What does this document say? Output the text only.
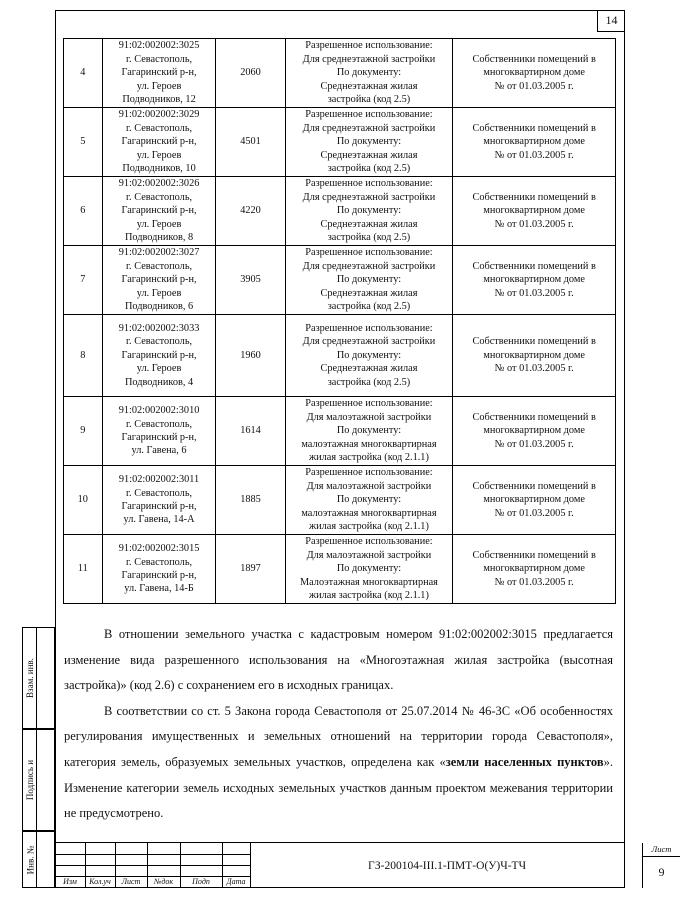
14
4	91:02:002002:3025
г. Севастополь,
Гагаринский р-н,
ул. Героев
Подводников, 12	2060	Разрешенное использование:
Для среднеэтажной застройки
По документу:
Среднеэтажная жилая
застройка (код 2.5)	Собственники помещений в
многоквартирном доме
№ от 01.03.2005 г.

5	91:02:002002:3029
г. Севастополь,
Гагаринский р-н,
ул. Героев
Подводников, 10	4501	Разрешенное использование:
Для среднеэтажной застройки
По документу:
Среднеэтажная жилая
застройка (код 2.5)	Собственники помещений в
многоквартирном доме
№ от 01.03.2005 г.

6	91:02:002002:3026
г. Севастополь,
Гагаринский р-н,
ул. Героев
Подводников, 8	4220	Разрешенное использование:
Для среднеэтажной застройки
По документу:
Среднеэтажная жилая
застройка (код 2.5)	Собственники помещений в
многоквартирном доме
№ от 01.03.2005 г.

7	91:02:002002:3027
г. Севастополь,
Гагаринский р-н,
ул. Героев
Подводников, 6	3905	Разрешенное использование:
Для среднеэтажной застройки
По документу:
Среднеэтажная жилая
застройка (код 2.5)	Собственники помещений в
многоквартирном доме
№ от 01.03.2005 г.

8	91:02:002002:3033
г. Севастополь,
Гагаринский р-н,
ул. Героев
Подводников, 4	1960	Разрешенное использование:
Для среднеэтажной застройки
По документу:
Среднеэтажная жилая
застройка (код 2.5)	Собственники помещений в
многоквартирном доме
№ от 01.03.2005 г.

9	91:02:002002:3010
г. Севастополь,
Гагаринский р-н,
ул. Гавена, 6	1614	Разрешенное использование:
Для малоэтажной застройки
По документу:
малоэтажная многоквартирная
жилая застройка (код 2.1.1)	Собственники помещений в
многоквартирном доме
№ от 01.03.2005 г.

10	91:02:002002:3011
г. Севастополь,
Гагаринский р-н,
ул. Гавена, 14-А	1885	Разрешенное использование:
Для малоэтажной застройки
По документу:
малоэтажная многоквартирная
жилая застройка (код 2.1.1)	Собственники помещений в
многоквартирном доме
№ от 01.03.2005 г.

11	91:02:002002:3015
г. Севастополь,
Гагаринский р-н,
ул. Гавена, 14-Б	1897	Разрешенное использование:
Для малоэтажной застройки
По документу:
Малоэтажная многоквартирная
жилая застройка (код 2.1.1)	Собственники помещений в
многоквартирном доме
№ от 01.03.2005 г.

В отношении земельного участка с кадастровым номером 91:02:002002:3015 предлагается изменение вида разрешенного использования на «Многоэтажная жилая застройка (высотная застройка)» (код 2.6) с сохранением его в исходных границах.

В соответствии со ст. 5 Закона города Севастополя от 25.07.2014 № 46-ЗС «Об особенностях регулирования имущественных и земельных отношений на территории города Севастополя», категория земель, образуемых земельных участков, определена как «земли населенных пунктов». Изменение категории земель исходных земельных участков данным проектом межевания территории не предусмотрено.

Взам. инв.
Подпись и
Инв. №
Изм	Кол.уч	Лист	№док	Подп	Дата
ГЗ-200104-III.1-ПМТ-О(У)Ч-ТЧ
Лист
9
